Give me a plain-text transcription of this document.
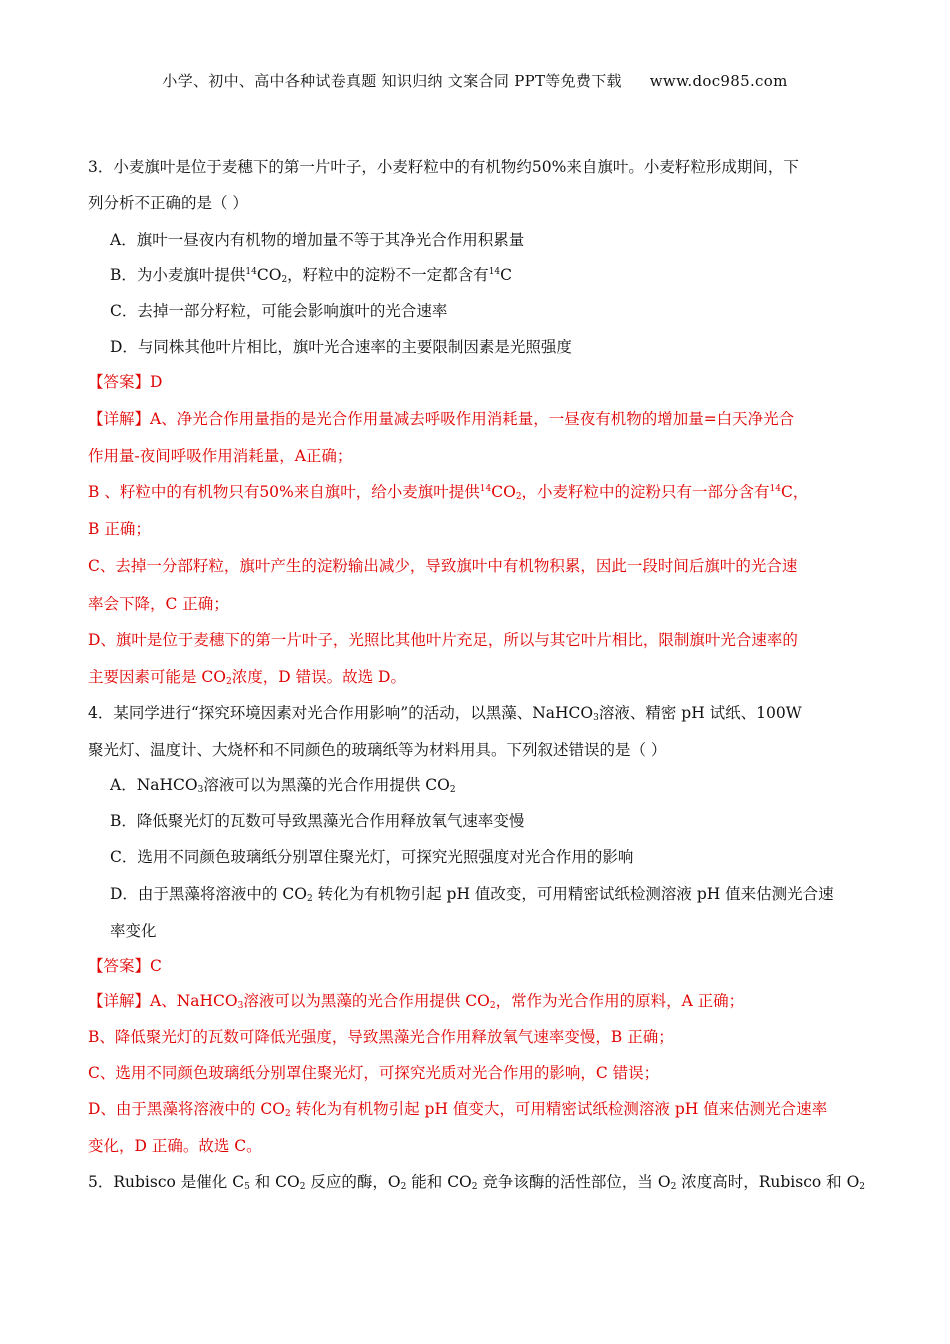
小学、初中、高中各种试卷真题 知识归纳 文案合同 PPT等免费下载 www.doc985.com
3．小麦旗叶是位于麦穗下的第一片叶子，小麦籽粒中的有机物约50%来自旗叶。小麦籽粒形成期间，下
列分析不正确的是（ ）
A．旗叶一昼夜内有机物的增加量不等于其净光合作用积累量
B．为小麦旗叶提供$^{14}CO_2$，籽粒中的淀粉不一定都含有$^{14}$C
C．去掉一部分籽粒，可能会影响旗叶的光合速率
D．与同株其他叶片相比，旗叶光合速率的主要限制因素是光照强度
【答案】D
【详解】A、净光合作用量指的是光合作用量减去呼吸作用消耗量，一昼夜有机物的增加量=白天净光合
作用量-夜间呼吸作用消耗量，A正确；
B 、籽粒中的有机物只有50%来自旗叶，给小麦旗叶提供$^{14}CO_2$，小麦籽粒中的淀粉只有一部分含有$^{14}$C，
B 正确；
C、去掉一分部籽粒，旗叶产生的淀粉输出减少，导致旗叶中有机物积累，因此一段时间后旗叶的光合速
率会下降，C 正确；
D、旗叶是位于麦穗下的第一片叶子，光照比其他叶片充足，所以与其它叶片相比，限制旗叶光合速率的
主要因素可能是 $CO_2$浓度，D 错误。故选 D。
4．某同学进行“探究环境因素对光合作用影响”的活动，以黑藻、NaHCO$_3$溶液、精密 pH 试纸、100W
聚光灯、温度计、大烧杯和不同颜色的玻璃纸等为材料用具。下列叙述错误的是（ ）
A．NaHCO$_3$溶液可以为黑藻的光合作用提供 $CO_2$
B．降低聚光灯的瓦数可导致黑藻光合作用释放氧气速率变慢
C．选用不同颜色玻璃纸分别罩住聚光灯，可探究光照强度对光合作用的影响
D．由于黑藻将溶液中的 $CO_2$ 转化为有机物引起 pH 值改变，可用精密试纸检测溶液 pH 值来估测光合速
率变化
【答案】C
【详解】A、NaHCO$_3$溶液可以为黑藻的光合作用提供 $CO_2$，常作为光合作用的原料，A 正确；
B、降低聚光灯的瓦数可降低光强度，导致黑藻光合作用释放氧气速率变慢，B 正确；
C、选用不同颜色玻璃纸分别罩住聚光灯，可探究光质对光合作用的影响，C 错误；
D、由于黑藻将溶液中的 $CO_2$ 转化为有机物引起 pH 值变大，可用精密试纸检测溶液 pH 值来估测光合速率
变化，D 正确。故选 C。
5．Rubisco 是催化 $C_5$ 和 $CO_2$ 反应的酶，$O_2$ 能和 $CO_2$ 竞争该酶的活性部位，当 $O_2$ 浓度高时，Rubisco 和 $O_2$
